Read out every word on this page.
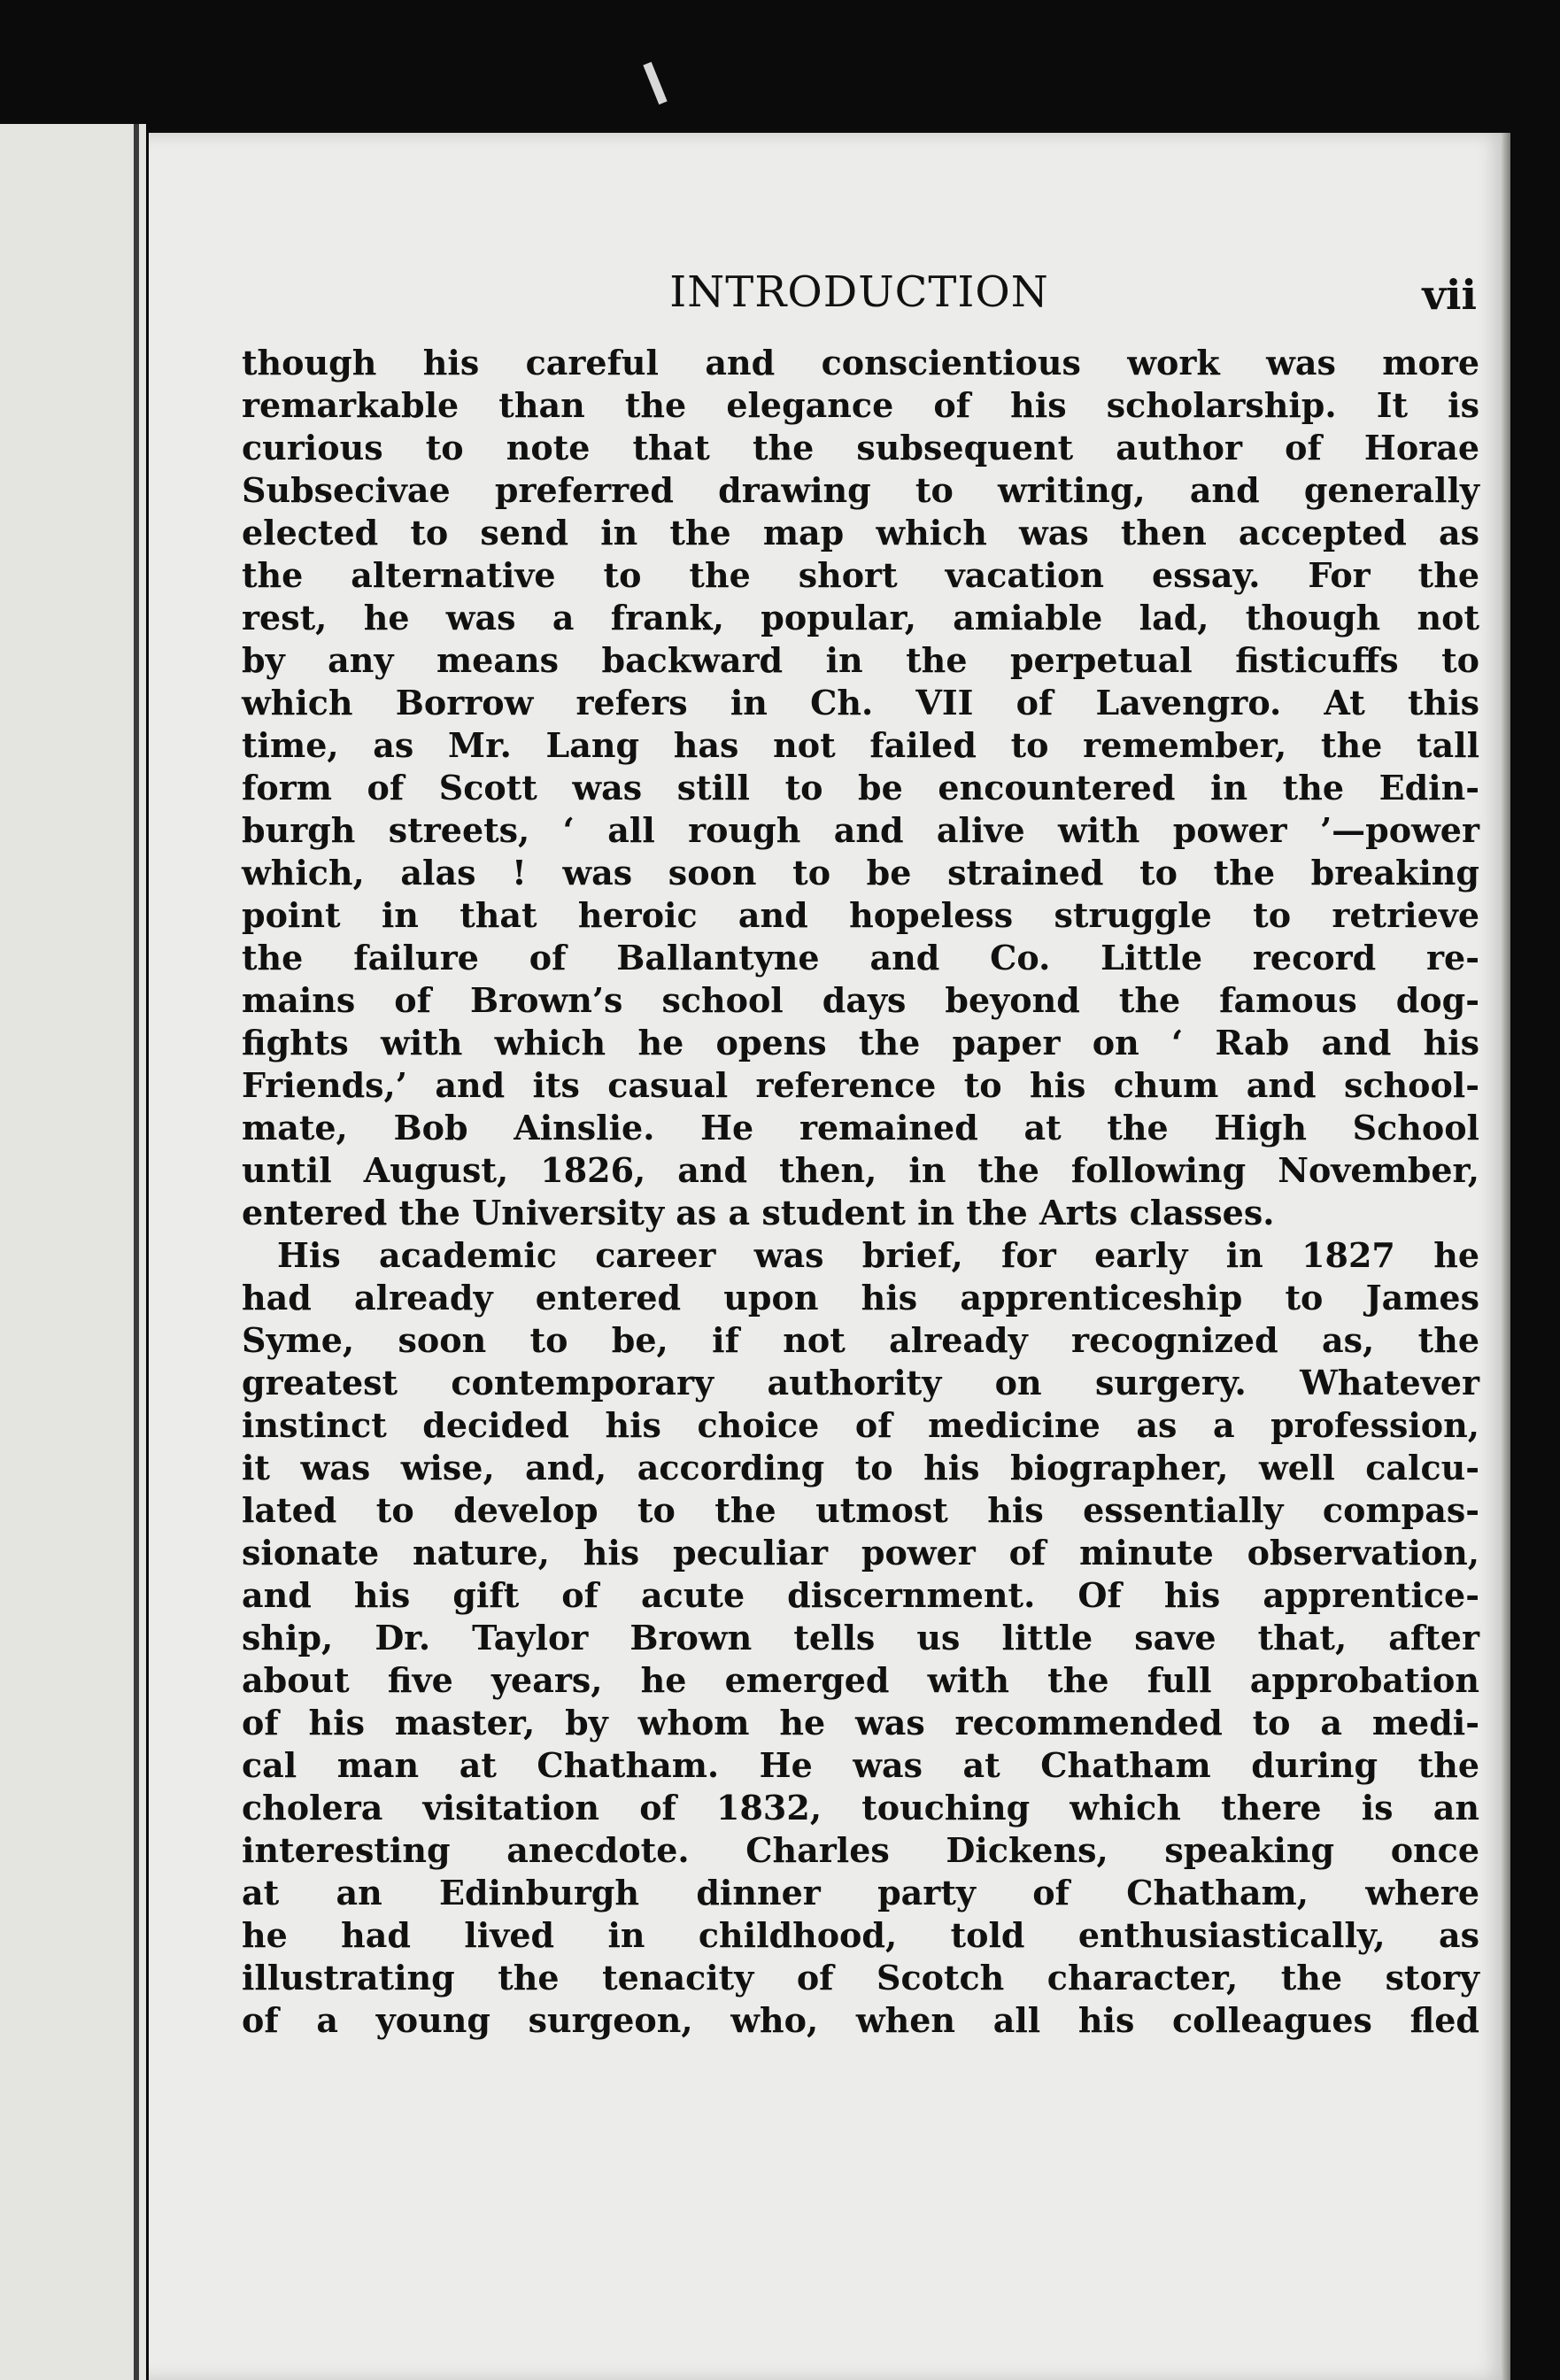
INTRODUCTION	vii
though his careful and conscientious work was more
remarkable than the elegance of his scholarship. It is
curious to note that the subsequent author of Horae
Subsecivae preferred drawing to writing, and generally
elected to send in the map which was then accepted as
the alternative to the short vacation essay. For the
rest, he was a frank, popular, amiable lad, though not
by any means backward in the perpetual fisticuffs to
which Borrow refers in Ch. VII of Lavengro. At this
time, as Mr. Lang has not failed to remember, the tall
form of Scott was still to be encountered in the Edin-
burgh streets, ‘ all rough and alive with power ’—power
which, alas ! was soon to be strained to the breaking
point in that heroic and hopeless struggle to retrieve
the failure of Ballantyne and Co. Little record re-
mains of Brown’s school days beyond the famous dog-
fights with which he opens the paper on ‘ Rab and his
Friends,’ and its casual reference to his chum and school-
mate, Bob Ainslie. He remained at the High School
until August, 1826, and then, in the following November,
entered the University as a student in the Arts classes.
His academic career was brief, for early in 1827 he
had already entered upon his apprenticeship to James
Syme, soon to be, if not already recognized as, the
greatest contemporary authority on surgery. Whatever
instinct decided his choice of medicine as a profession,
it was wise, and, according to his biographer, well calcu-
lated to develop to the utmost his essentially compas-
sionate nature, his peculiar power of minute observation,
and his gift of acute discernment. Of his apprentice-
ship, Dr. Taylor Brown tells us little save that, after
about five years, he emerged with the full approbation
of his master, by whom he was recommended to a medi-
cal man at Chatham. He was at Chatham during the
cholera visitation of 1832, touching which there is an
interesting anecdote. Charles Dickens, speaking once
at an Edinburgh dinner party of Chatham, where
he had lived in childhood, told enthusiastically, as
illustrating the tenacity of Scotch character, the story
of a young surgeon, who, when all his colleagues fled
